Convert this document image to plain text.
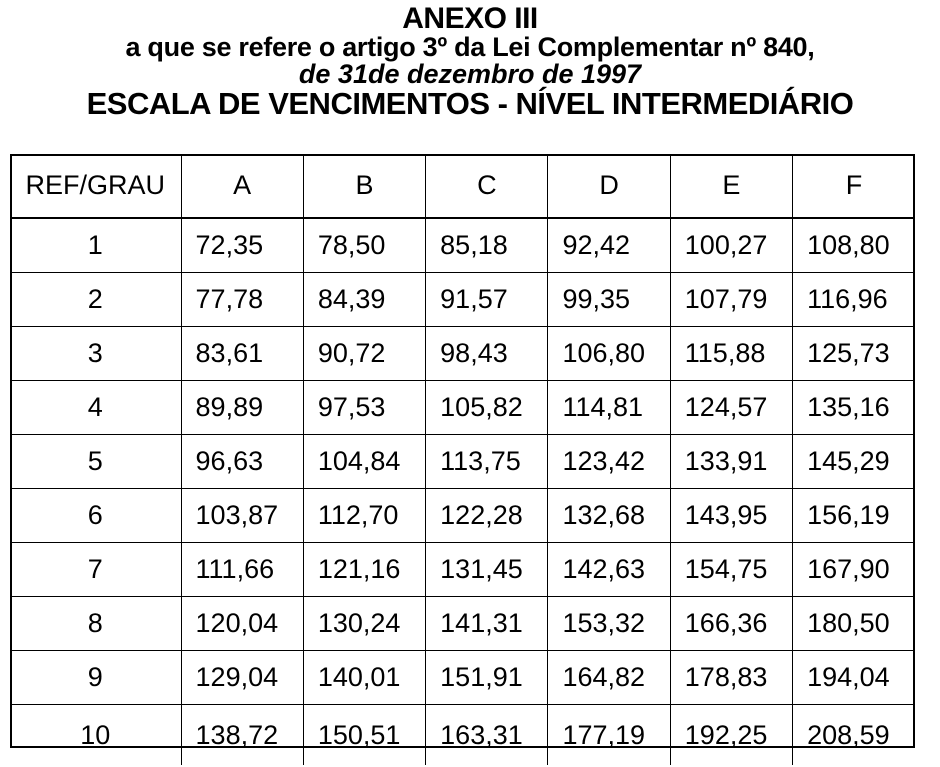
ANEXO III
a que se refere o artigo 3º da Lei Complementar nº 840,
de 31de dezembro de 1997
ESCALA DE VENCIMENTOS - NÍVEL INTERMEDIÁRIO
REF/GRAU	A	B	C	D	E	F
1	72,35	78,50	85,18	92,42	100,27	108,80
2	77,78	84,39	91,57	99,35	107,79	116,96
3	83,61	90,72	98,43	106,80	115,88	125,73
4	89,89	97,53	105,82	114,81	124,57	135,16
5	96,63	104,84	113,75	123,42	133,91	145,29
6	103,87	112,70	122,28	132,68	143,95	156,19
7	111,66	121,16	131,45	142,63	154,75	167,90
8	120,04	130,24	141,31	153,32	166,36	180,50
9	129,04	140,01	151,91	164,82	178,83	194,04
10	138,72	150,51	163,31	177,19	192,25	208,59
